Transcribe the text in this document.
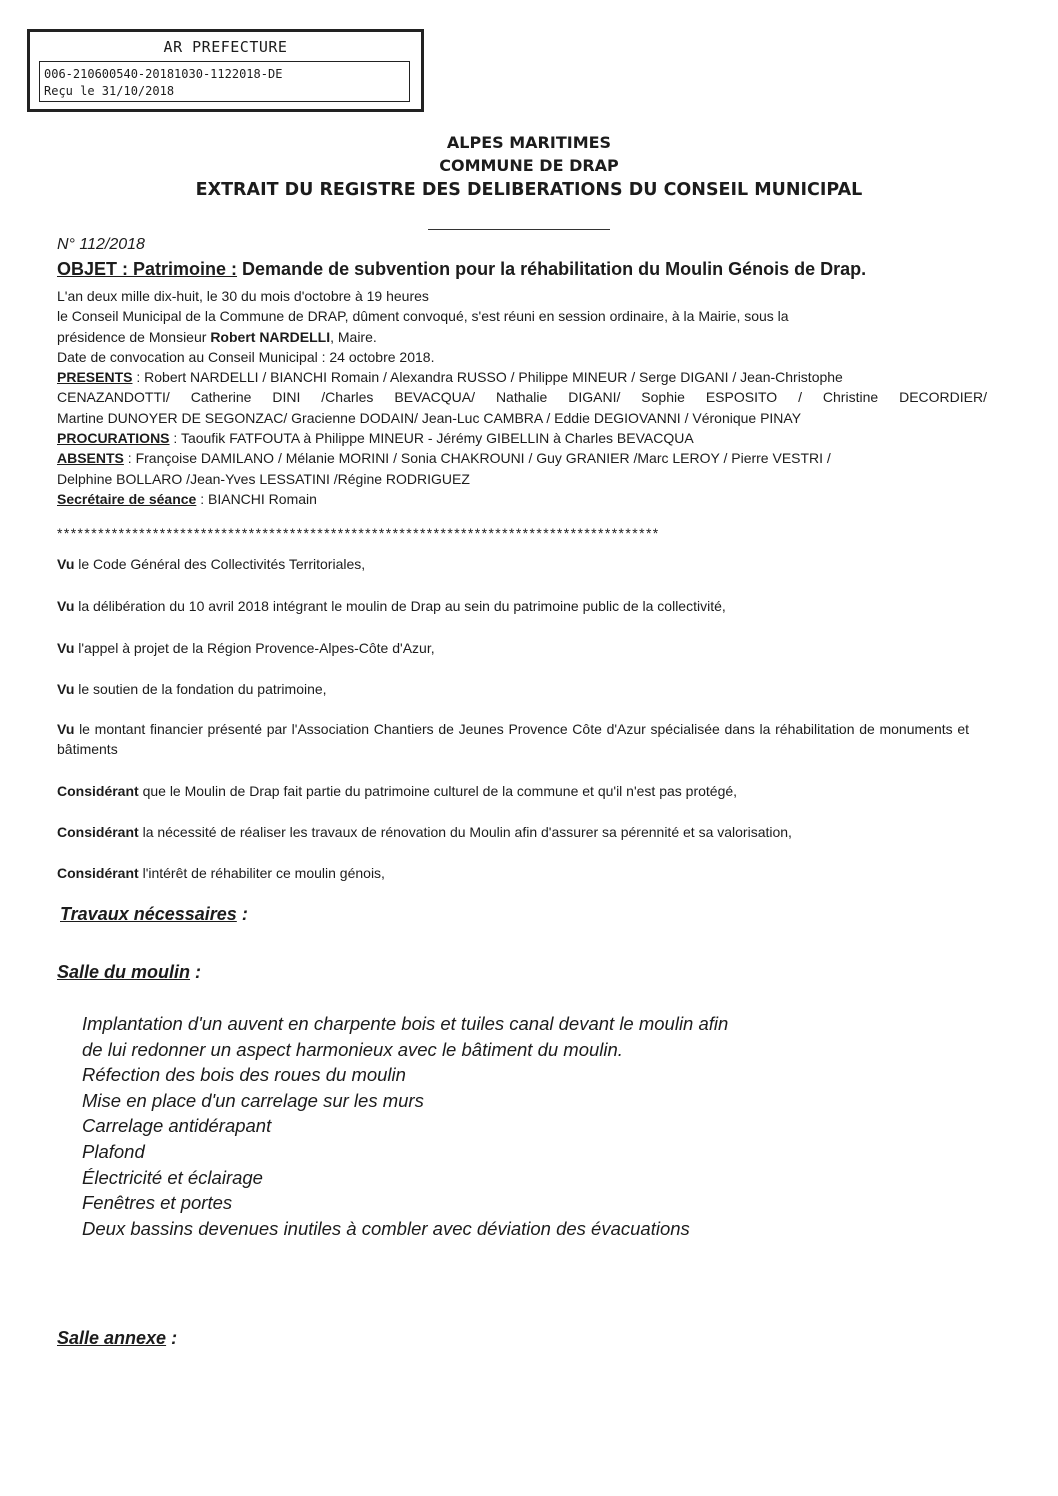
AR PREFECTURE
006-210600540-20181030-1122018-DE
Reçu le 31/10/2018
ALPES MARITIMES
COMMUNE DE DRAP
EXTRAIT DU REGISTRE DES DELIBERATIONS DU CONSEIL MUNICIPAL
N° 112/2018
OBJET : Patrimoine : Demande de subvention pour la réhabilitation du Moulin Génois de Drap.
L'an deux mille dix-huit, le 30 du mois d'octobre à 19 heures
le Conseil Municipal de la Commune de DRAP, dûment convoqué, s'est réuni en session ordinaire, à la Mairie, sous la
présidence de Monsieur Robert NARDELLI, Maire.
Date de convocation au Conseil Municipal : 24 octobre 2018.
PRESENTS : Robert NARDELLI / BIANCHI Romain / Alexandra RUSSO / Philippe MINEUR / Serge DIGANI / Jean-Christophe
CENAZANDOTTI/ Catherine DINI /Charles BEVACQUA/ Nathalie DIGANI/ Sophie ESPOSITO / Christine DECORDIER/
Martine DUNOYER DE SEGONZAC/ Gracienne DODAIN/ Jean-Luc CAMBRA / Eddie DEGIOVANNI / Véronique PINAY
PROCURATIONS : Taoufik FATFOUTA à Philippe MINEUR - Jérémy GIBELLIN à Charles BEVACQUA
ABSENTS : Françoise DAMILANO / Mélanie MORINI / Sonia CHAKROUNI / Guy GRANIER /Marc LEROY / Pierre VESTRI /
Delphine BOLLARO /Jean-Yves LESSATINI /Régine RODRIGUEZ
Secrétaire de séance : BIANCHI Romain
****************************************************************************************
Vu le Code Général des Collectivités Territoriales,
Vu la délibération du 10 avril 2018 intégrant le moulin de Drap au sein du patrimoine public de la collectivité,
Vu l'appel à projet de la Région Provence-Alpes-Côte d'Azur,
Vu le soutien de la fondation du patrimoine,
Vu le montant financier présenté par l'Association Chantiers de Jeunes Provence Côte d'Azur spécialisée dans la réhabilitation de monuments et bâtiments
Considérant que le Moulin de Drap fait partie du patrimoine culturel de la commune et qu'il n'est pas protégé,
Considérant la nécessité de réaliser les travaux de rénovation du Moulin afin d'assurer sa pérennité et sa valorisation,
Considérant l'intérêt de réhabiliter ce moulin génois,
Travaux nécessaires :
Salle du moulin :
Implantation d'un auvent en charpente bois et tuiles canal devant le moulin afin
de lui redonner un aspect harmonieux avec le bâtiment du moulin.
Réfection des bois des roues du moulin
Mise en place d'un carrelage sur les murs
Carrelage antidérapant
Plafond
Électricité et éclairage
Fenêtres et portes
Deux bassins devenues inutiles à combler avec déviation des évacuations
Salle annexe :
